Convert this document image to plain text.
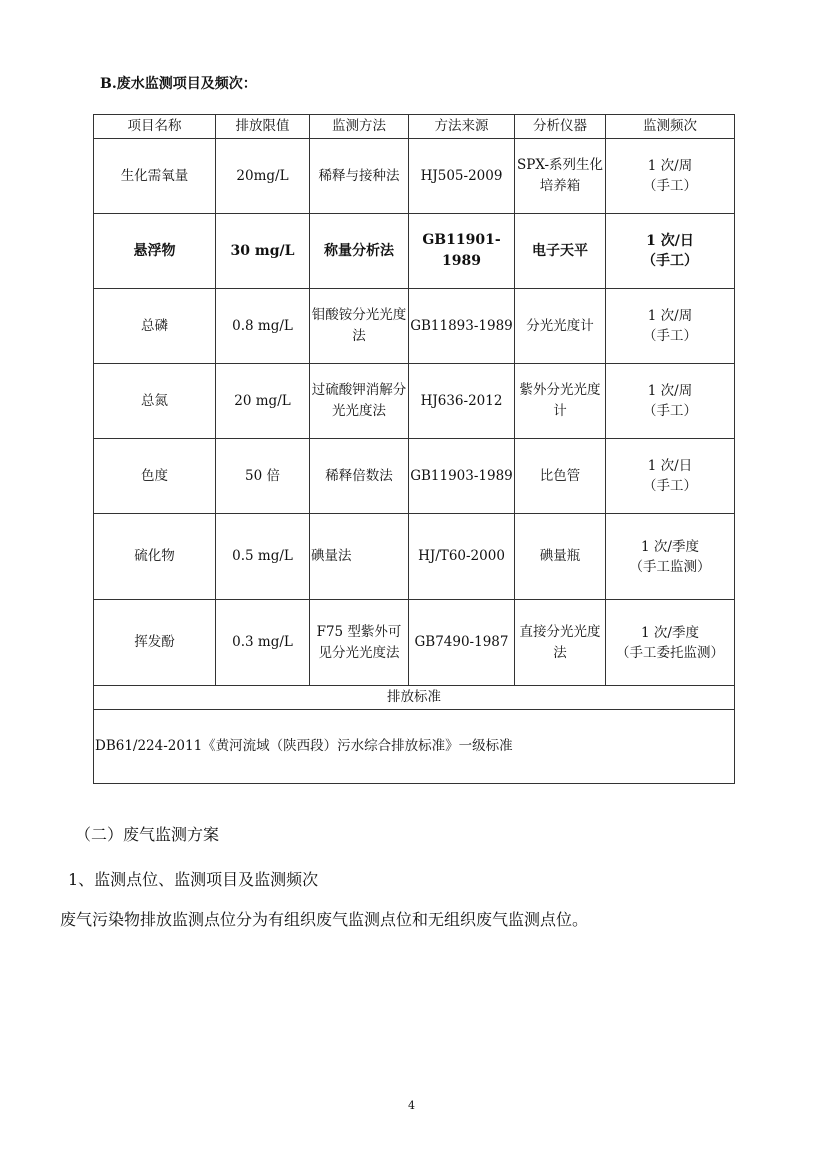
B.废水监测项目及频次：
项目名称	排放限值	监测方法	方法来源	分析仪器	监测频次
生化需氧量	20mg/L	稀释与接种法	HJ505-2009	SPX-系列生化培养箱	1 次/周
（手工）

悬浮物	30 mg/L	称量分析法	GB11901-1989	电子天平	1 次/日
（手工）

总磷	0.8 mg/L	钼酸铵分光光度法	GB11893-1989	分光光度计	1 次/周
（手工）

总氮	20 mg/L	过硫酸钾消解分光光度法	HJ636-2012	紫外分光光度计	1 次/周
（手工）

色度	50 倍	稀释倍数法	GB11903-1989	比色管	1 次/日
（手工）

硫化物	0.5 mg/L	碘量法	HJ/T60-2000	碘量瓶	1 次/季度
（手工监测）

挥发酚	0.3 mg/L	F75 型紫外可见分光光度法	GB7490-1987	直接分光光度法	1 次/季度
（手工委托监测）

排放标准					
DB61/224-2011《黄河流域（陕西段）污水综合排放标准》一级标准					
（二）废气监测方案
1、监测点位、监测项目及监测频次
废气污染物排放监测点位分为有组织废气监测点位和无组织废气监测点位。
4
